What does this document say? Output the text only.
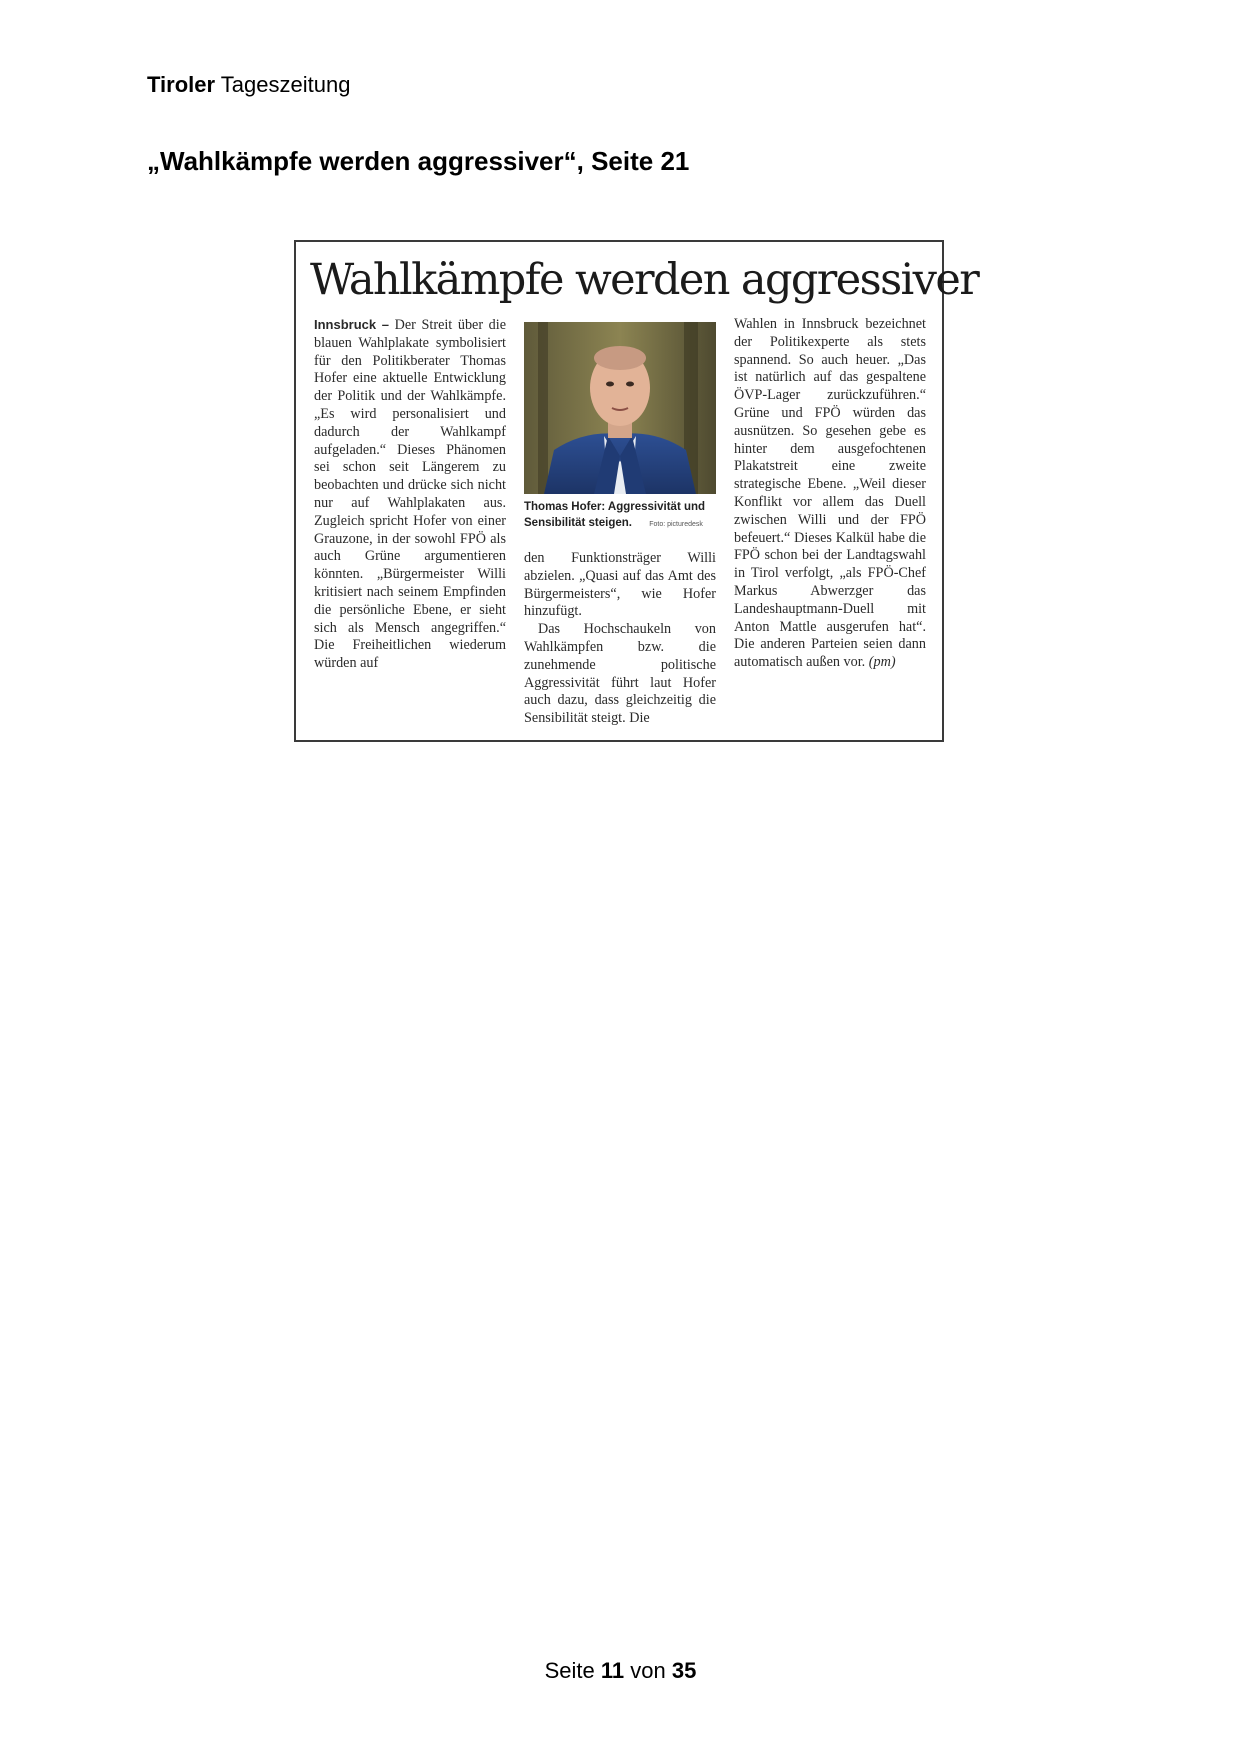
Tiroler Tageszeitung
„Wahlkämpfe werden aggressiver“, Seite 21
Wahlkämpfe werden aggressiver
Innsbruck – Der Streit über die blauen Wahlplakate symbolisiert für den Politikberater Thomas Hofer eine aktuelle Entwicklung der Politik und der Wahlkämpfe. „Es wird personalisiert und dadurch der Wahlkampf aufgeladen.“ Dieses Phänomen sei schon seit Längerem zu beobachten und drücke sich nicht nur auf Wahlplakaten aus. Zugleich spricht Hofer von einer Grauzone, in der sowohl FPÖ als auch Grüne argumentieren könnten. „Bürgermeister Willi kritisiert nach seinem Empfinden die persönliche Ebene, er sieht sich als Mensch angegriffen.“ Die Freiheitlichen wiederum würden auf
Thomas Hofer: Aggressivität und Sensibilität steigen. Foto: picturedesk
den Funktionsträger Willi abzielen. „Quasi auf das Amt des Bürgermeisters“, wie Hofer hinzufügt.
Das Hochschaukeln von Wahlkämpfen bzw. die zunehmende politische Aggressivität führt laut Hofer auch dazu, dass gleichzeitig die Sensibilität steigt. Die
Wahlen in Innsbruck bezeichnet der Politikexperte als stets spannend. So auch heuer. „Das ist natürlich auf das gespaltene ÖVP-Lager zurückzuführen.“ Grüne und FPÖ würden das ausnützen. So gesehen gebe es hinter dem ausgefochtenen Plakatstreit eine zweite strategische Ebene. „Weil dieser Konflikt vor allem das Duell zwischen Willi und der FPÖ befeuert.“ Dieses Kalkül habe die FPÖ schon bei der Landtagswahl in Tirol verfolgt, „als FPÖ-Chef Markus Abwerzger das Landeshauptmann-Duell mit Anton Mattle ausgerufen hat“. Die anderen Parteien seien dann automatisch außen vor. (pm)
Seite 11 von 35
